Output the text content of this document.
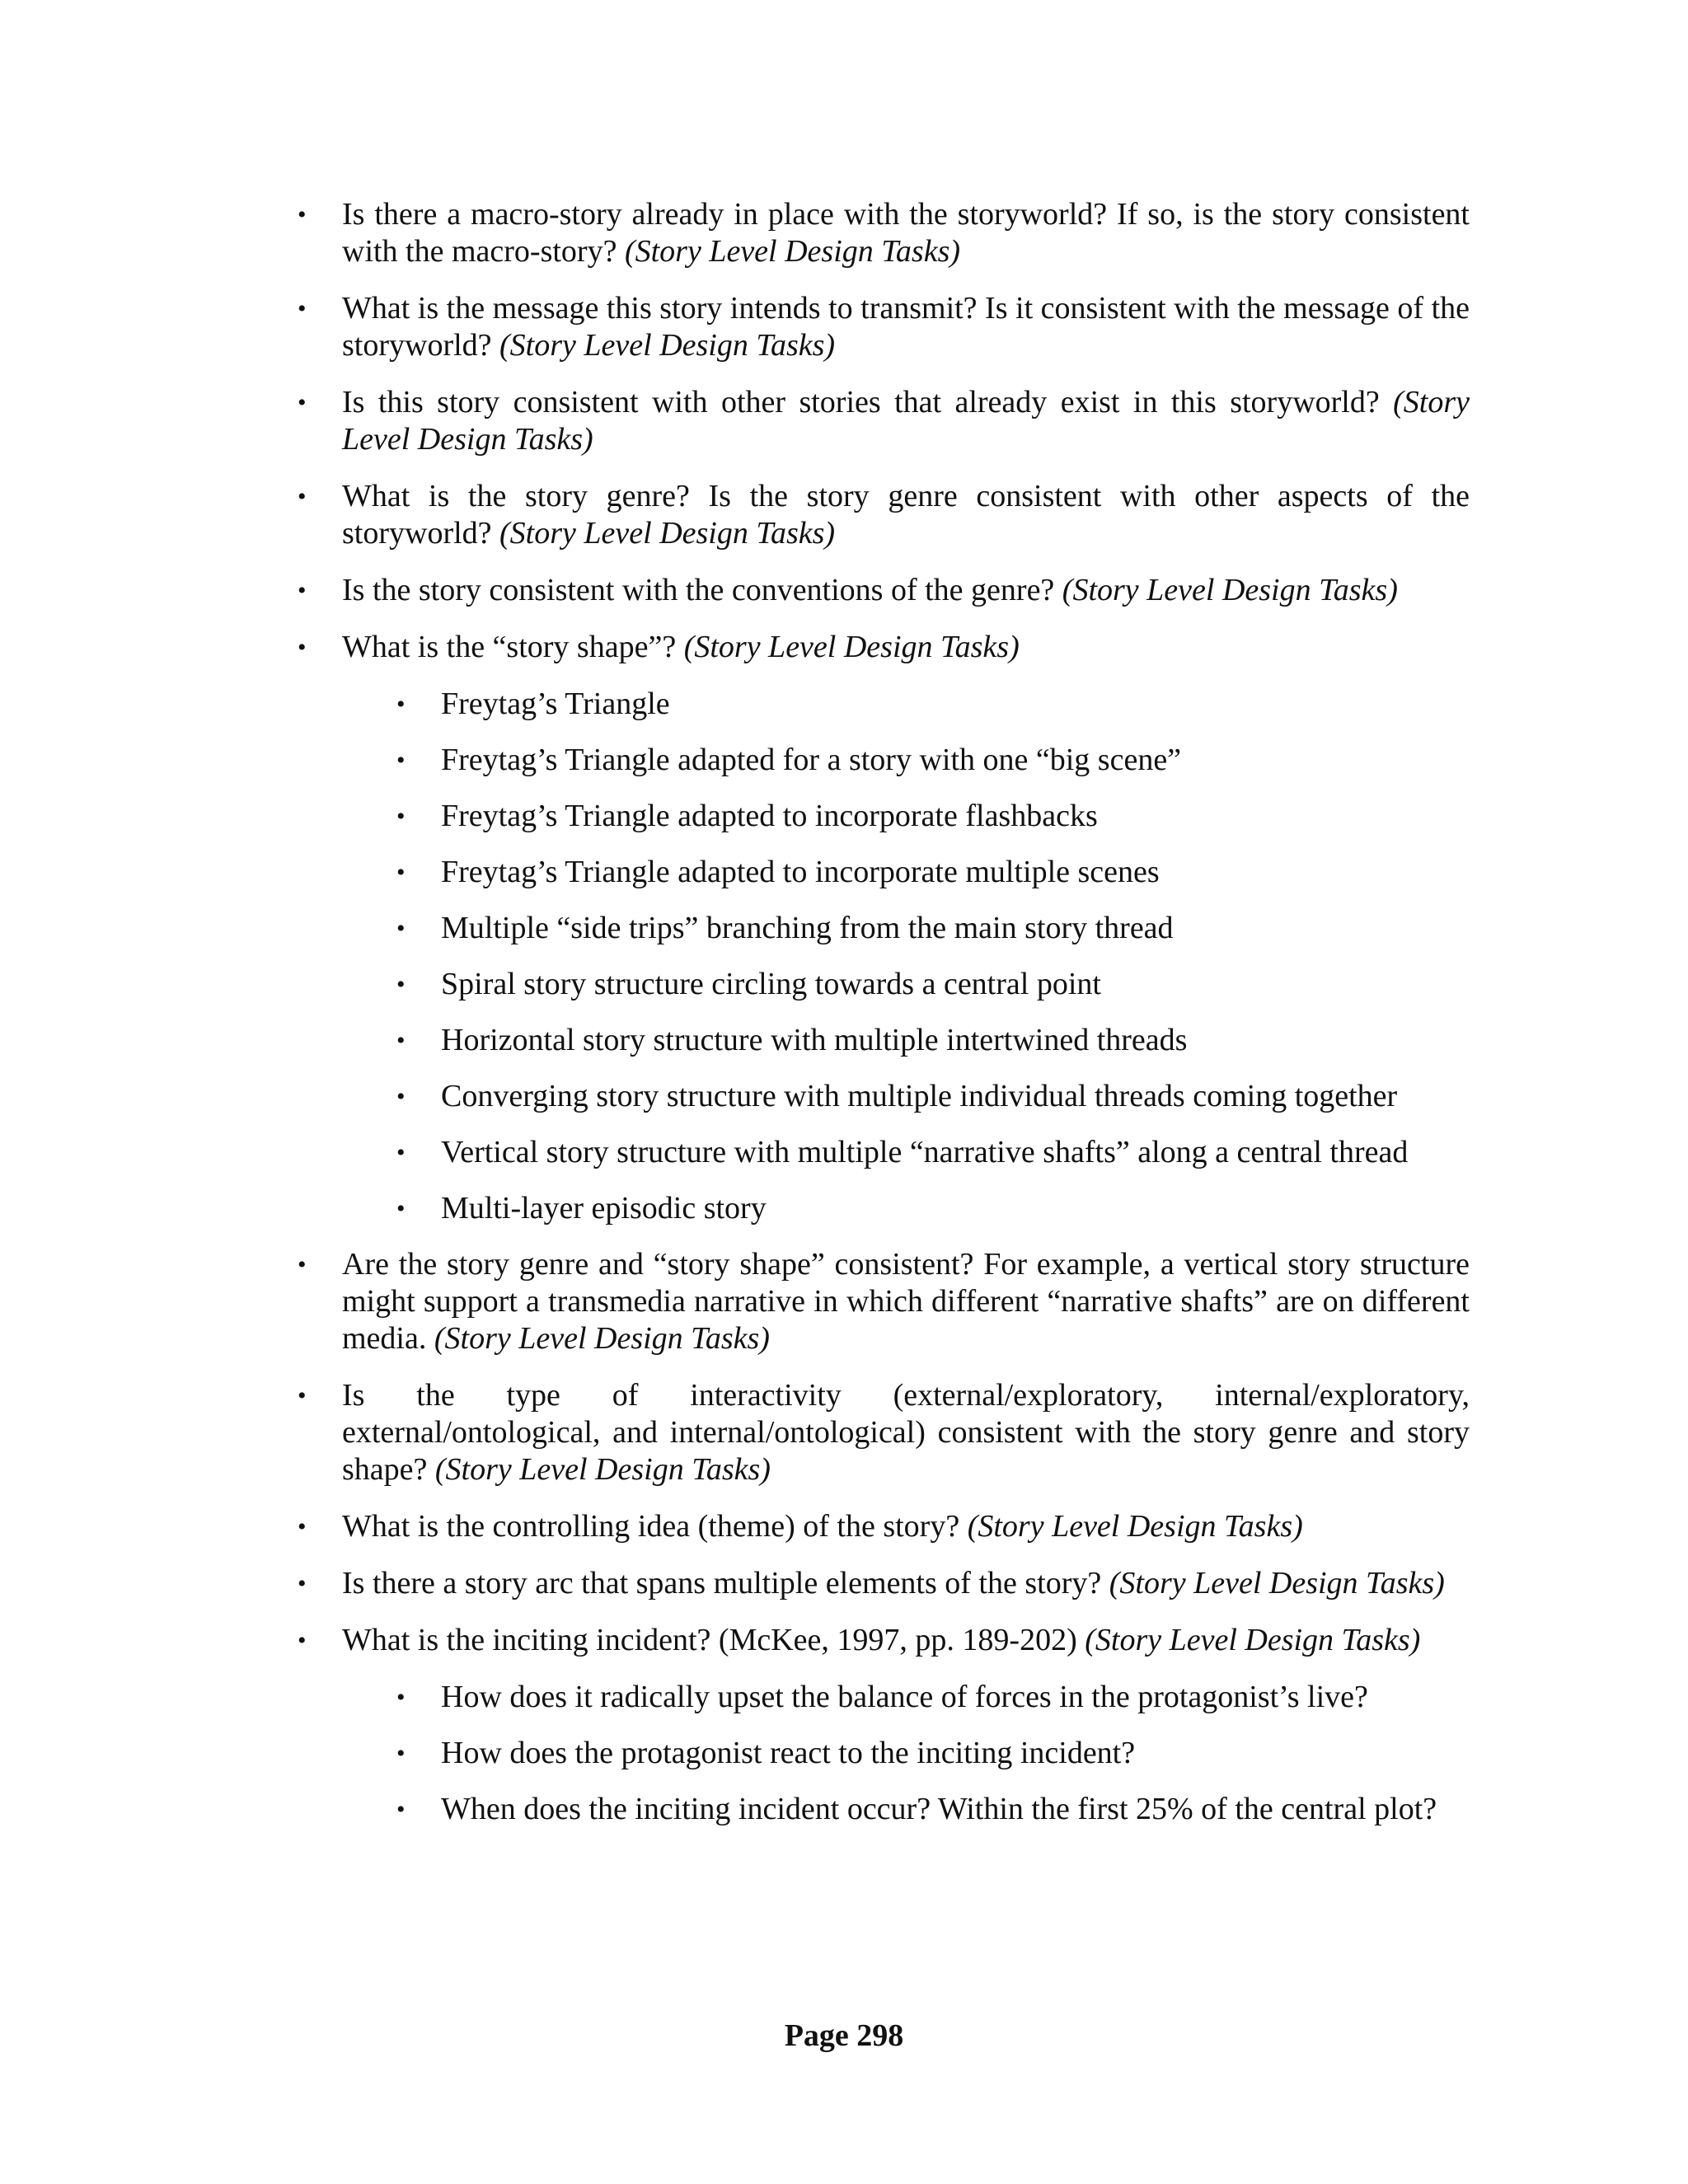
• Is there a macro-story already in place with the storyworld? If so, is the story consistent with the macro-story? (Story Level Design Tasks)
• What is the message this story intends to transmit? Is it consistent with the message of the storyworld? (Story Level Design Tasks)
• Is this story consistent with other stories that already exist in this storyworld? (Story Level Design Tasks)
• What is the story genre? Is the story genre consistent with other aspects of the storyworld? (Story Level Design Tasks)
• Is the story consistent with the conventions of the genre? (Story Level Design Tasks)
• What is the “story shape”? (Story Level Design Tasks)
• Freytag’s Triangle
• Freytag’s Triangle adapted for a story with one “big scene”
• Freytag’s Triangle adapted to incorporate flashbacks
• Freytag’s Triangle adapted to incorporate multiple scenes
• Multiple “side trips” branching from the main story thread
• Spiral story structure circling towards a central point
• Horizontal story structure with multiple intertwined threads
• Converging story structure with multiple individual threads coming together
• Vertical story structure with multiple “narrative shafts” along a central thread
• Multi-layer episodic story
• Are the story genre and “story shape” consistent? For example, a vertical story structure might support a transmedia narrative in which different “narrative shafts” are on different media. (Story Level Design Tasks)
• Is the type of interactivity (external/exploratory, internal/exploratory, external/ontological, and internal/ontological) consistent with the story genre and story shape? (Story Level Design Tasks)
• What is the controlling idea (theme) of the story? (Story Level Design Tasks)
• Is there a story arc that spans multiple elements of the story? (Story Level Design Tasks)
• What is the inciting incident? (McKee, 1997, pp. 189-202) (Story Level Design Tasks)
• How does it radically upset the balance of forces in the protagonist’s live?
• How does the protagonist react to the inciting incident?
• When does the inciting incident occur? Within the first 25% of the central plot?
Page 298
